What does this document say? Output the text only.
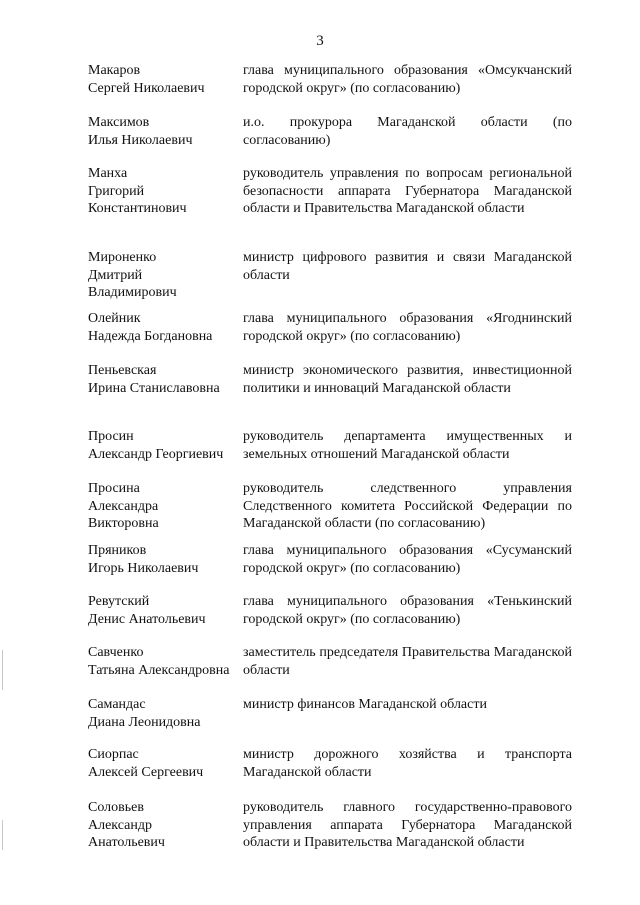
3
Макаров
Сергей Николаевич
глава муниципального образования «Омсукчанский городской округ» (по согласованию)
Максимов
Илья Николаевич
и.о. прокурора Магаданской области (по согласованию)
Манха
Григорий
Константинович
руководитель управления по вопросам региональной безопасности аппарата Губернатора Магаданской области и Правительства Магаданской области
Мироненко
Дмитрий
Владимирович
министр цифрового развития и связи Магаданской области
Олейник
Надежда Богдановна
глава муниципального образования «Ягоднинский городской округ» (по согласованию)
Пеньевская
Ирина Станиславовна
министр экономического развития, инвестиционной политики и инноваций Магаданской области
Просин
Александр Георгиевич
руководитель департамента имущественных и земельных отношений Магаданской области
Просина
Александра
Викторовна
руководитель следственного управления Следственного комитета Российской Федерации по Магаданской области (по согласованию)
Пряников
Игорь Николаевич
глава муниципального образования «Сусуманский городской округ» (по согласованию)
Ревутский
Денис Анатольевич
глава муниципального образования «Тенькинский городской округ» (по согласованию)
Савченко
Татьяна Александровна
заместитель председателя Правительства Магаданской области
Самандас
Диана Леонидовна
министр финансов Магаданской области
Сиорпас
Алексей Сергеевич
министр дорожного хозяйства и транспорта Магаданской области
Соловьев
Александр
Анатольевич
руководитель главного государственно-правового управления аппарата Губернатора Магаданской области и Правительства Магаданской области
